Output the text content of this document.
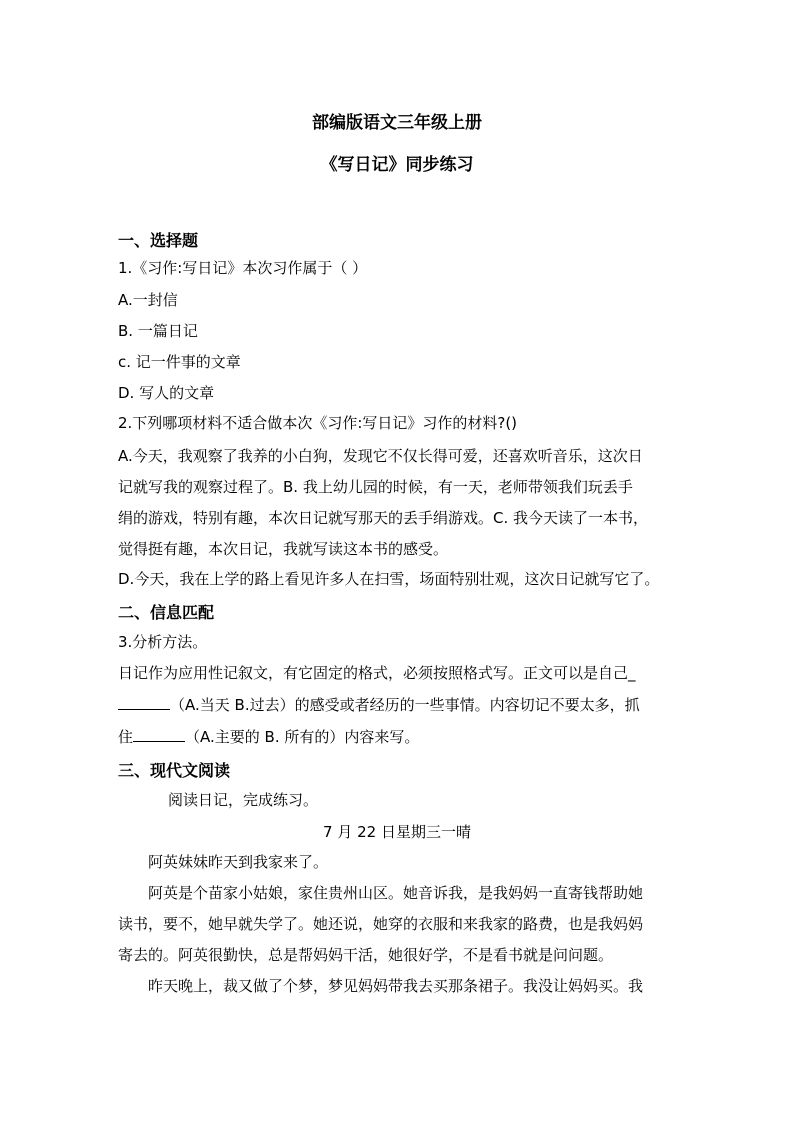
部编版语文三年级上册
《写日记》同步练习
一、选择题
1.《习作:写日记》本次习作属于（ ）
A.一封信
B. 一篇日记
c. 记一件事的文章
D. 写人的文章
2.下列哪项材料不适合做本次《习作:写日记》习作的材料?()
A.今天，我观察了我养的小白狗，发现它不仅长得可爱，还喜欢听音乐，这次日
记就写我的观察过程了。B. 我上幼儿园的时候，有一天，老师带领我们玩丢手
绢的游戏，特别有趣，本次日记就写那天的丢手绢游戏。C. 我今天读了一本书，
觉得挺有趣，本次日记，我就写读这本书的感受。
D.今天，我在上学的路上看见许多人在扫雪，场面特别壮观，这次日记就写它了。
二、信息匹配
3.分析方法。
日记作为应用性记叙文，有它固定的格式，必须按照格式写。正文可以是自己_
（A.当天 B.过去）的感受或者经历的一些事情。内容切记不要太多，抓
住	（A.主要的 B. 所有的）内容来写。
三、现代文阅读
阅读日记，完成练习。
7 月 22 日星期三一晴
阿英妹妹昨天到我家来了。
阿英是个苗家小姑娘，家住贵州山区。她音诉我，是我妈妈一直寄钱帮助她
读书，要不，她早就失学了。她还说，她穿的衣服和来我家的路费，也是我妈妈
寄去的。阿英很勤快，总是帮妈妈干活，她很好学，不是看书就是问问题。
昨天晚上，裁又做了个梦，梦见妈妈带我去买那条裙子。我没让妈妈买。我
